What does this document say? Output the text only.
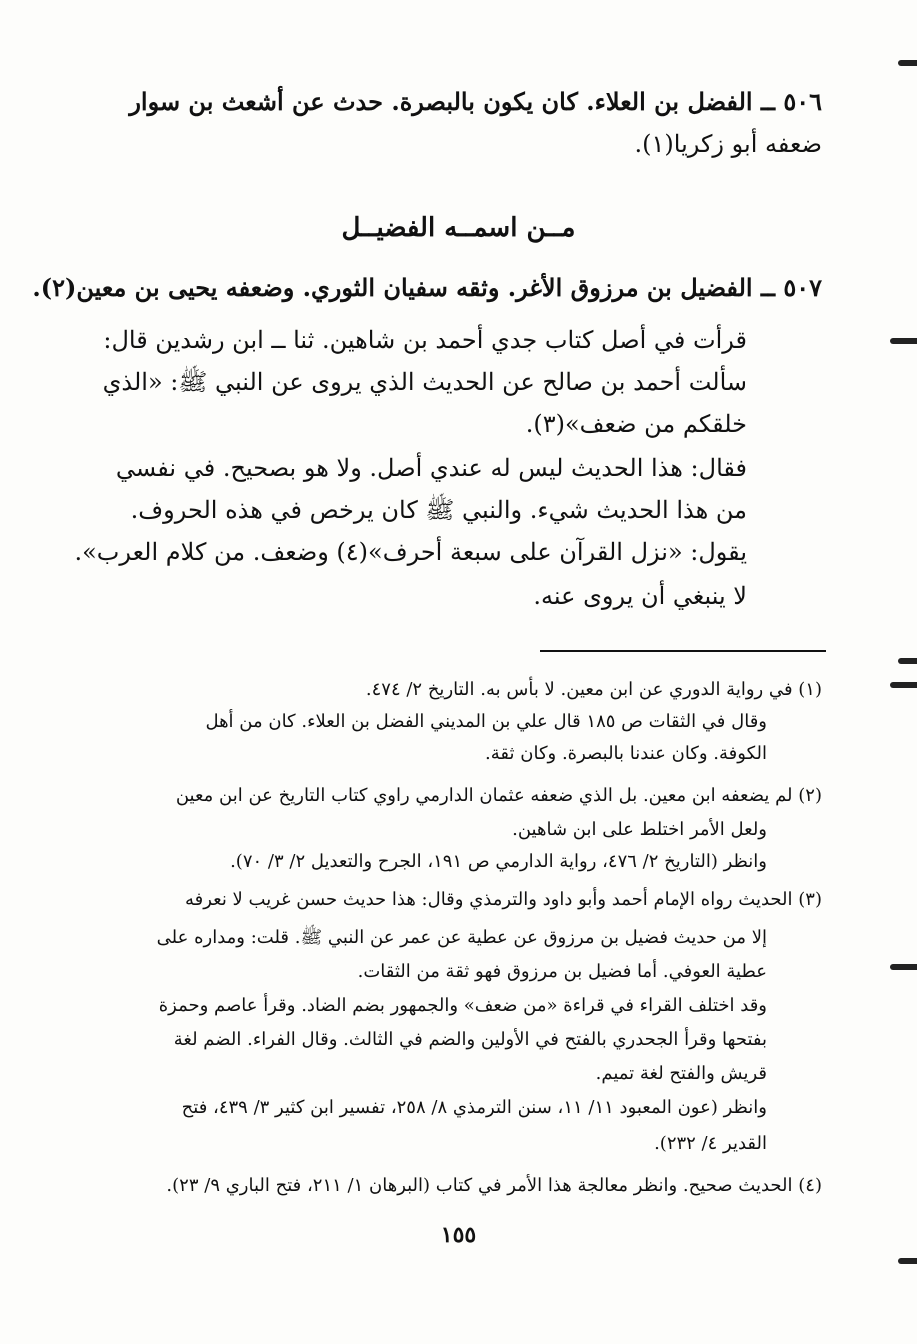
٥٠٦ ــ الفضل بن العلاء. كان يكون بالبصرة. حدث عن أشعث بن سوار
ضعفه أبو زكريا(١).
مــن اسمــه الفضيــل
٥٠٧ ــ الفضيل بن مرزوق الأغر. وثقه سفيان الثوري. وضعفه يحيى بن معين(٢).
قرأت في أصل كتاب جدي أحمد بن شاهين. ثنا ــ ابن رشدين قال:
سألت أحمد بن صالح عن الحديث الذي يروى عن النبي ﷺ: «الذي
خلقكم من ضعف»(٣).
فقال: هذا الحديث ليس له عندي أصل. ولا هو بصحيح. في نفسي
من هذا الحديث شيء. والنبي ﷺ كان يرخص في هذه الحروف.
يقول: «نزل القرآن على سبعة أحرف»(٤) وضعف. من كلام العرب».
لا ينبغي أن يروى عنه.
(١) في رواية الدوري عن ابن معين. لا بأس به. التاريخ ٢/ ٤٧٤.
وقال في الثقات ص ١٨٥ قال علي بن المديني الفضل بن العلاء. كان من أهل
الكوفة. وكان عندنا بالبصرة. وكان ثقة.
(٢) لم يضعفه ابن معين. بل الذي ضعفه عثمان الدارمي راوي كتاب التاريخ عن ابن معين
ولعل الأمر اختلط على ابن شاهين.
وانظر (التاريخ ٢/ ٤٧٦، رواية الدارمي ص ١٩١، الجرح والتعديل ٢/ ٣/ ٧٠).
(٣) الحديث رواه الإمام أحمد وأبو داود والترمذي وقال: هذا حديث حسن غريب لا نعرفه
إلا من حديث فضيل بن مرزوق عن عطية عن عمر عن النبي ﷺ. قلت: ومداره على
عطية العوفي. أما فضيل بن مرزوق فهو ثقة من الثقات.
وقد اختلف القراء في قراءة «من ضعف» والجمهور بضم الضاد. وقرأ عاصم وحمزة
بفتحها وقرأ الجحدري بالفتح في الأولين والضم في الثالث. وقال الفراء. الضم لغة
قريش والفتح لغة تميم.
وانظر (عون المعبود ١١/ ١١، سنن الترمذي ٨/ ٢٥٨، تفسير ابن كثير ٣/ ٤٣٩، فتح
القدير ٤/ ٢٣٢).
(٤) الحديث صحيح. وانظر معالجة هذا الأمر في كتاب (البرهان ١/ ٢١١، فتح الباري ٩/ ٢٣).
١٥٥
